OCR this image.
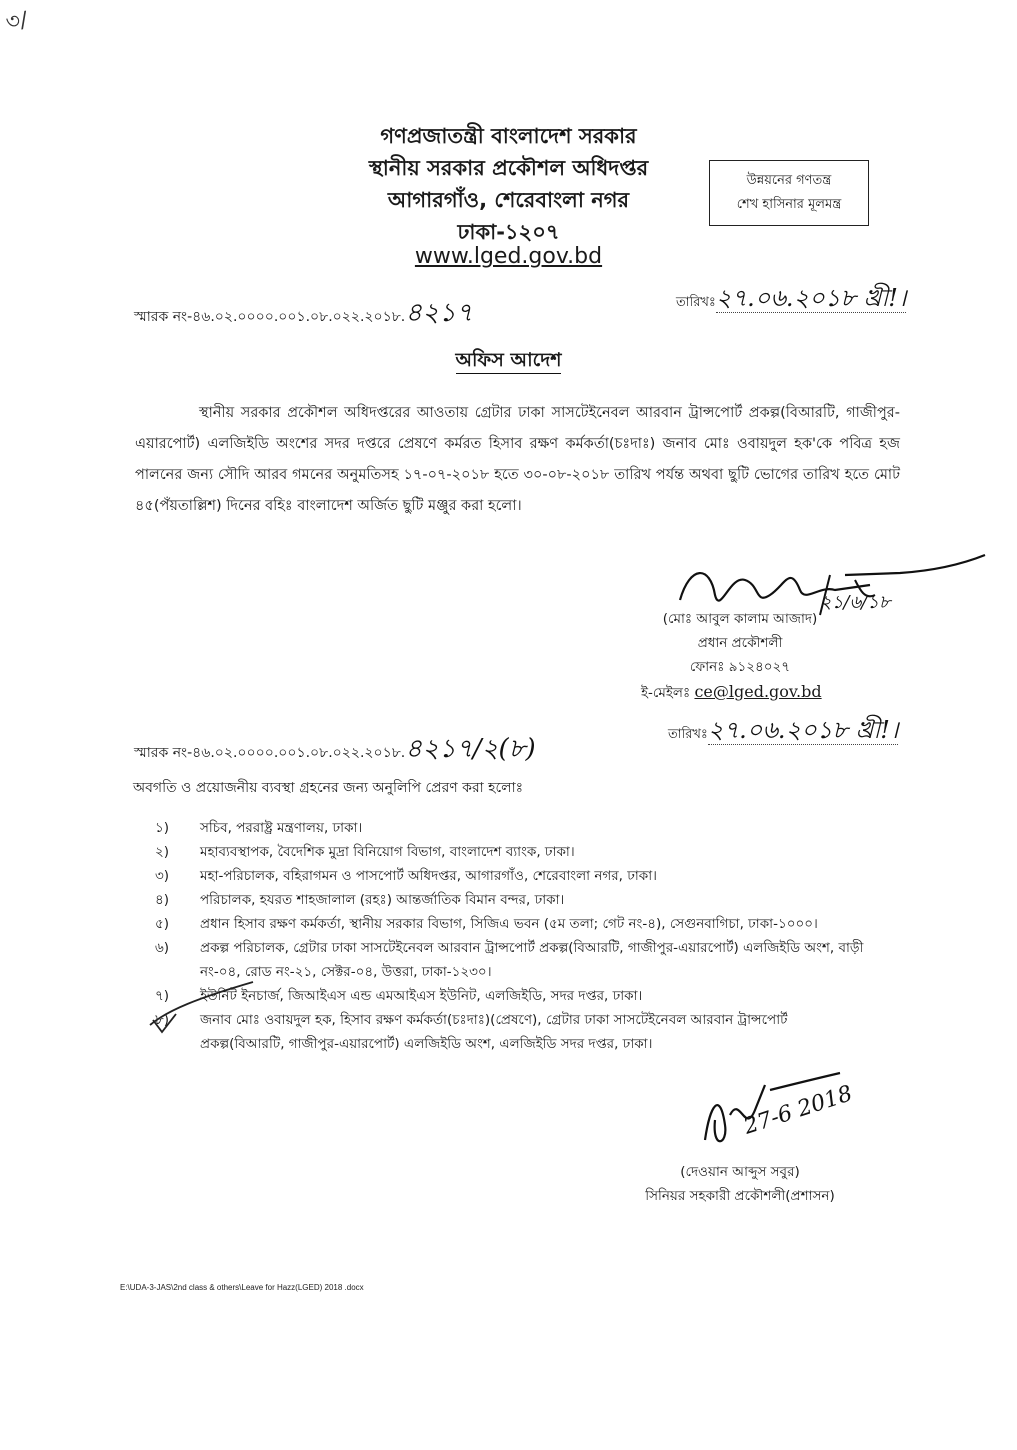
৩/
গণপ্রজাতন্ত্রী বাংলাদেশ সরকার
স্থানীয় সরকার প্রকৌশল অধিদপ্তর
আগারগাঁও, শেরেবাংলা নগর
ঢাকা-১২০৭
www.lged.gov.bd
উন্নয়নের গণতন্ত্র
শেখ হাসিনার মূলমন্ত্র
স্মারক নং-৪৬.০২.০০০০.০০১.০৮.০২২.২০১৮.৪২১৭	তারিখঃ২৭.০৬.২০১৮ খ্রী!।
অফিস আদেশ
স্থানীয় সরকার প্রকৌশল অধিদপ্তরের আওতায় গ্রেটার ঢাকা সাসটেইনেবল আরবান ট্রান্সপোর্ট প্রকল্প(বিআরটি, গাজীপুর-এয়ারপোর্ট) এলজিইডি অংশের সদর দপ্তরে প্রেষণে কর্মরত হিসাব রক্ষণ কর্মকর্তা(চঃদাঃ) জনাব মোঃ ওবায়দুল হক'কে পবিত্র হজ পালনের জন্য সৌদি আরব গমনের অনুমতিসহ ১৭-০৭-২০১৮ হতে ৩০-০৮-২০১৮ তারিখ পর্যন্ত অথবা ছুটি ভোগের তারিখ হতে মোট ৪৫(পঁয়তাল্লিশ) দিনের বহিঃ বাংলাদেশ অর্জিত ছুটি মঞ্জুর করা হলো।
২১/৬/১৮
(মোঃ আবুল কালাম আজাদ)
প্রধান প্রকৌশলী
ফোনঃ ৯১২৪০২৭
ই-মেইলঃ ce@lged.gov.bd
স্মারক নং-৪৬.০২.০০০০.০০১.০৮.০২২.২০১৮.৪২১৭/২(৮)	তারিখঃ২৭.০৬.২০১৮ খ্রী!।
অবগতি ও প্রয়োজনীয় ব্যবস্থা গ্রহনের জন্য অনুলিপি প্রেরণ করা হলোঃ
১)	সচিব, পররাষ্ট্র মন্ত্রণালয়, ঢাকা।
২)	মহাব্যবস্থাপক, বৈদেশিক মুদ্রা বিনিয়োগ বিভাগ, বাংলাদেশ ব্যাংক, ঢাকা।
৩)	মহা-পরিচালক, বহিরাগমন ও পাসপোর্ট অধিদপ্তর, আগারগাঁও, শেরেবাংলা নগর, ঢাকা।
৪)	পরিচালক, হযরত শাহজালাল (রহঃ) আন্তর্জাতিক বিমান বন্দর, ঢাকা।
৫)	প্রধান হিসাব রক্ষণ কর্মকর্তা, স্থানীয় সরকার বিভাগ, সিজিএ ভবন (৫ম তলা; গেট নং-৪), সেগুনবাগিচা, ঢাকা-১০০০।
৬)	প্রকল্প পরিচালক, গ্রেটার ঢাকা সাসটেইনেবল আরবান ট্রান্সপোর্ট প্রকল্প(বিআরটি, গাজীপুর-এয়ারপোর্ট) এলজিইডি অংশ, বাড়ী নং-০৪, রোড নং-২১, সেক্টর-০৪, উত্তরা, ঢাকা-১২৩০।
৭)	ইউনিট ইনচার্জ, জিআইএস এন্ড এমআইএস ইউনিট, এলজিইডি, সদর দপ্তর, ঢাকা।
৮)	জনাব মোঃ ওবায়দুল হক, হিসাব রক্ষণ কর্মকর্তা(চঃদাঃ)(প্রেষণে), গ্রেটার ঢাকা সাসটেইনেবল আরবান ট্রান্সপোর্ট প্রকল্প(বিআরটি, গাজীপুর-এয়ারপোর্ট) এলজিইডি অংশ, এলজিইডি সদর দপ্তর, ঢাকা।
27-6 2018
(দেওয়ান আব্দুস সবুর)
সিনিয়র সহকারী প্রকৌশলী(প্রশাসন)
E:\UDA-3-JAS\2nd class & others\Leave for Hazz(LGED) 2018 .docx
